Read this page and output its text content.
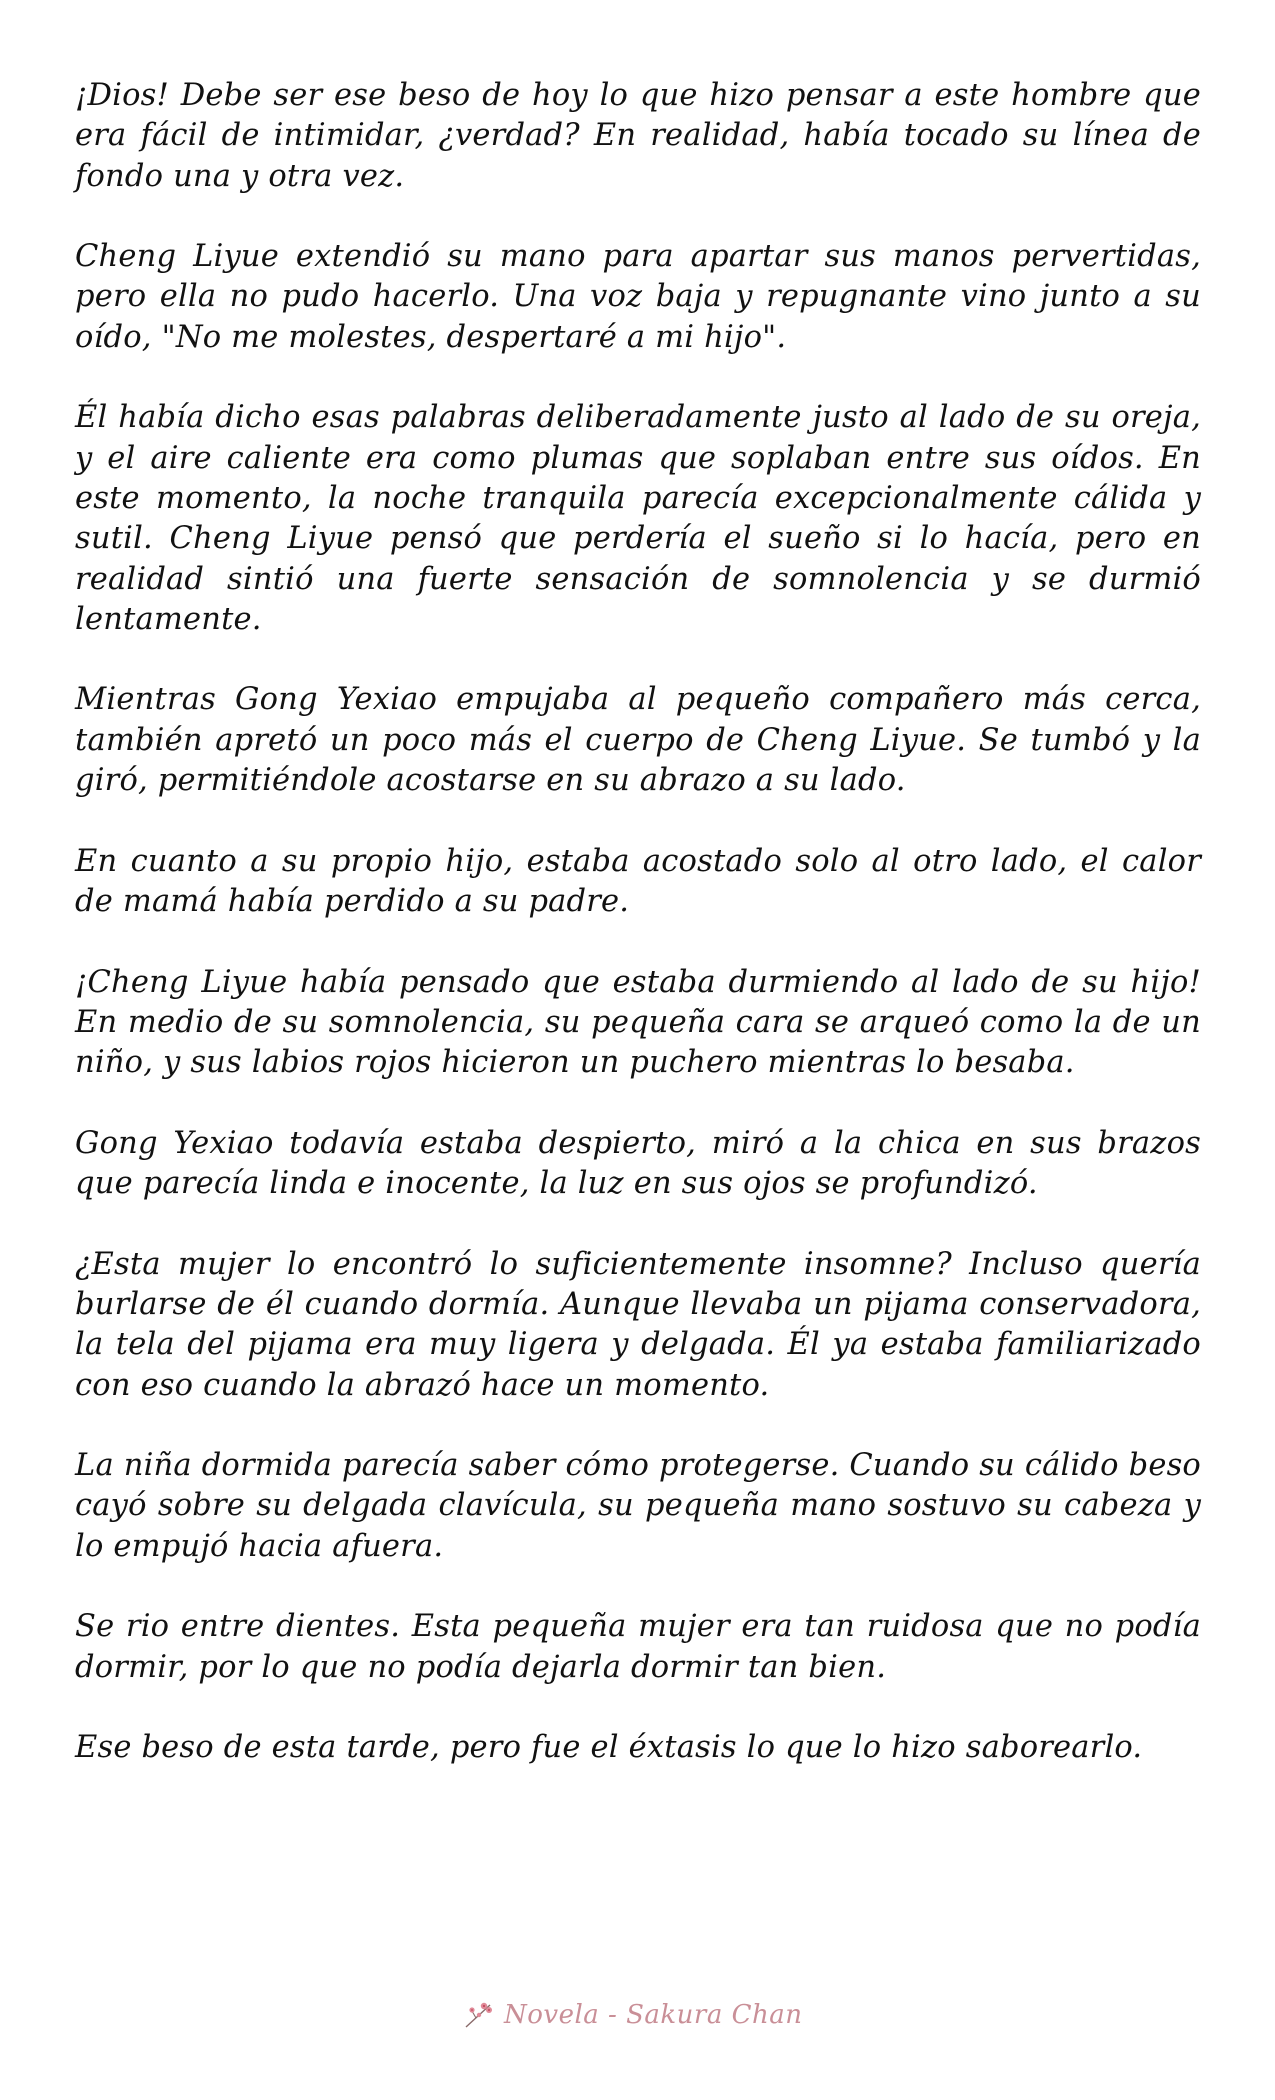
¡Dios! Debe ser ese beso de hoy lo que hizo pensar a este hombre que era fácil de intimidar, ¿verdad? En realidad, había tocado su línea de fondo una y otra vez.

Cheng Liyue extendió su mano para apartar sus manos pervertidas, pero ella no pudo hacerlo. Una voz baja y repugnante vino junto a su oído, "No me molestes, despertaré a mi hijo".

Él había dicho esas palabras deliberadamente justo al lado de su oreja, y el aire caliente era como plumas que soplaban entre sus oídos. En este momento, la noche tranquila parecía excepcionalmente cálida y sutil. Cheng Liyue pensó que perdería el sueño si lo hacía, pero en realidad sintió una fuerte sensación de somnolencia y se durmió lentamente.

Mientras Gong Yexiao empujaba al pequeño compañero más cerca, también apretó un poco más el cuerpo de Cheng Liyue. Se tumbó y la giró, permitiéndole acostarse en su abrazo a su lado.

En cuanto a su propio hijo, estaba acostado solo al otro lado, el calor de mamá había perdido a su padre.

¡Cheng Liyue había pensado que estaba durmiendo al lado de su hijo! En medio de su somnolencia, su pequeña cara se arqueó como la de un niño, y sus labios rojos hicieron un puchero mientras lo besaba.

Gong Yexiao todavía estaba despierto, miró a la chica en sus brazos que parecía linda e inocente, la luz en sus ojos se profundizó.

¿Esta mujer lo encontró lo suficientemente insomne? Incluso quería burlarse de él cuando dormía. Aunque llevaba un pijama conservadora, la tela del pijama era muy ligera y delgada. Él ya estaba familiarizado con eso cuando la abrazó hace un momento.

La niña dormida parecía saber cómo protegerse. Cuando su cálido beso cayó sobre su delgada clavícula, su pequeña mano sostuvo su cabeza y lo empujó hacia afuera.

Se rio entre dientes. Esta pequeña mujer era tan ruidosa que no podía dormir, por lo que no podía dejarla dormir tan bien.

Ese beso de esta tarde, pero fue el éxtasis lo que lo hizo saborearlo.

Novela - Sakura Chan
